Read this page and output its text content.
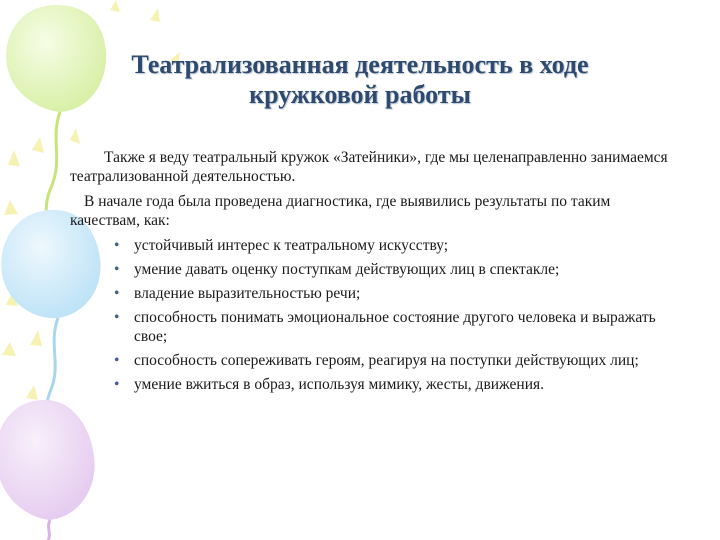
Театрализованная деятельность в ходе кружковой работы

Также я веду театральный кружок «Затейники», где мы целенаправленно занимаемся театрализованной деятельностью.

В начале года была проведена диагностика, где выявились результаты по таким качествам, как:

• устойчивый интерес к театральному искусству;
• умение давать оценку поступкам действующих лиц в спектакле;
• владение выразительностью речи;
• способность понимать эмоциональное состояние другого человека и выражать свое;
• способность сопереживать героям, реагируя на поступки действующих лиц;
• умение вжиться в образ, используя мимику, жесты, движения.
